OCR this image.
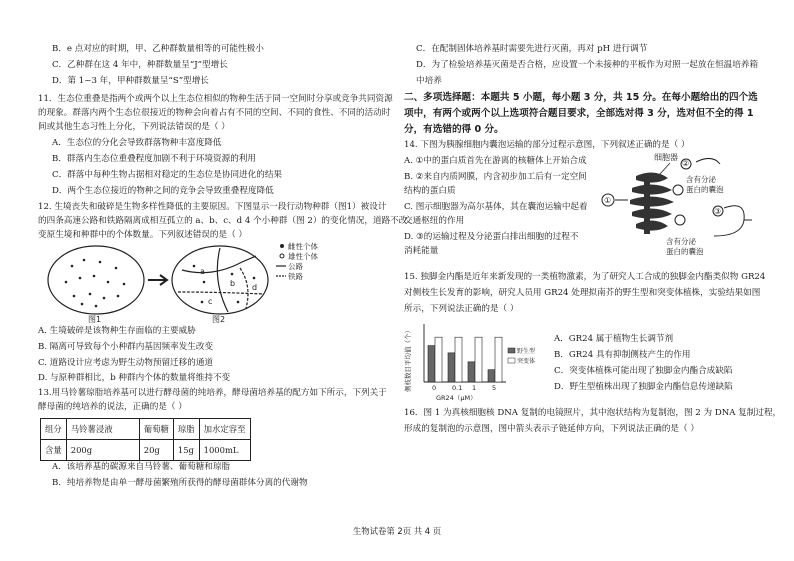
B．e 点对应的时期，甲、乙种群数量相等的可能性极小
C．乙种群在这 4 年中，种群数量呈“J”型增长
D．第 1~3 年，甲种群数量呈“S”型增长
11．生态位重叠是指两个或两个以上生态位相似的物种生活于同一空间时分享或竞争共同资源
的现象。群落内两个生态位很接近的物种会向着占有不同的空间、不同的食性、不同的活动时
间或其他生态习性上分化，下列说法错误的是（ ）
A．生态位的分化会导致群落物种丰富度降低
B．群落内生态位重叠程度加剧不利于环境资源的利用
C．群落中每种生物占据相对稳定的生态位是协同进化的结果
D．两个生态位接近的物种之间的竞争会导致重叠程度降低
12. 生境丧失和破碎是生物多样性降低的主要原因。下图显示一段行动物种群（图1）被设计
的四条高速公路和铁路隔离成相互孤立的 a、b、c、d 4 个小种群（图 2）的变化情况，道路不改
变原生境和种群中的个体数量。下列叙述错误的是（ ）
图1
a
b
c
d
图2
雌性个体
雄性个体
公路
铁路
A. 生境破碎是该物种生存面临的主要威胁
B. 隔离可导致每个小种群内基因频率发生改变
C. 道路设计应考虑为野生动物预留迁移的通道
D. 与原种群相比，b 种群内个体的数量将维持不变
13.用马铃薯琼脂培养基可以进行酵母菌的纯培养，酵母菌培养基的配方如下所示，下列关于
酵母菌的纯培养的说法，正确的是（ ）
组分	马铃薯浸液	葡萄糖	琼脂	加水定容至
含量	200g	20g	15g	1000mL
A．该培养基的碳源来自马铃薯、葡萄糖和琼脂
B．纯培养物是由单一酵母菌繁殖所获得的酵母菌群体分离的代谢物
C．在配制固体培养基时需要先进行灭菌，再对 pH 进行调节
D．为了检验培养基灭菌是否合格，应设置一个未接种的平板作为对照一起放在恒温培养箱
中培养
二、多项选择题：本题共 5 小题，每小题 3 分，共 15 分。在每小题给出的四个选
项中，有两个或两个以上选项符合题目要求，全部选对得 3 分，选对但不全的得 1
分，有选错的得 0 分。
14. 下图为胰腺细胞内囊泡运输的部分过程示意图，下列叙述正确的是（ ）
A. ①中的蛋白质首先在游离的核糖体上开始合成
B. ②来自内质网膜，内含初步加工后有一定空间
结构的蛋白质
C. 图示细胞器为高尔基体，其在囊泡运输中起着
交通枢纽的作用
D. ③的运输过程及分泌蛋白排出细胞的过程不
消耗能量
细胞器
①
②
含有分泌
蛋白的囊泡
③
含有分泌
蛋白的囊泡
15. 独脚金内酯是近年来新发现的一类植物激素，为了研究人工合成的独脚金内酯类似物 GR24
对侧枝生长发育的影响，研究人员用 GR24 处理拟南芥的野生型和突变体植株，实验结果如图
所示，下列说法正确的是（ ）
侧枝数目平均值（个）	0 0.1 1 5
GR24（μM）
野生型
突变体
A．GR24 属于植物生长调节剂
B．GR24 具有抑制侧枝产生的作用
C．突变体植株可能出现了独脚金内酯合成缺陷
D．野生型植株出现了独脚金内酯信息传递缺陷
16．图 1 为真核细胞核 DNA 复制的电镜照片，其中泡状结构为复制泡，图 2 为 DNA 复制过程，
形成的复制泡的示意图，图中箭头表示子链延伸方向，下列说法正确的是（ ）
生物试卷第 2页 共 4 页
